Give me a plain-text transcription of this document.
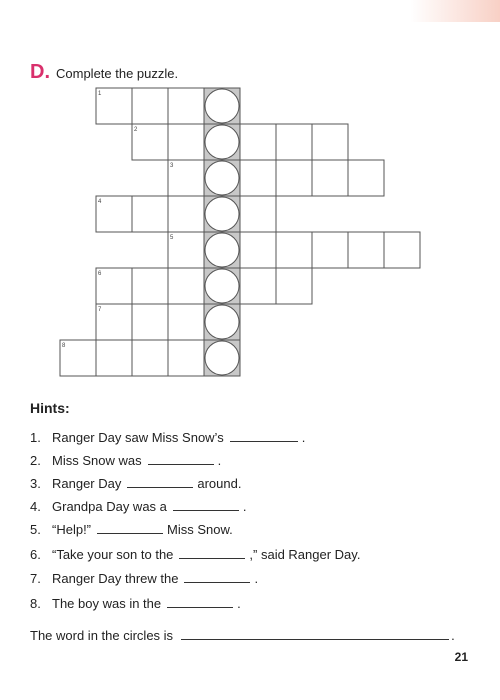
D. Complete the puzzle.
1
2
3
4
5
6
7
8
Hints:
1. Ranger Day saw Miss Snow’s	.
2. Miss Snow was	.
3. Ranger Day	around.
4. Grandpa Day was a	.
5. “Help!”	Miss Snow.
6. “Take your son to the	,” said Ranger Day.
7. Ranger Day threw the	.
8. The boy was in the	.
The word in the circles is	.
21
